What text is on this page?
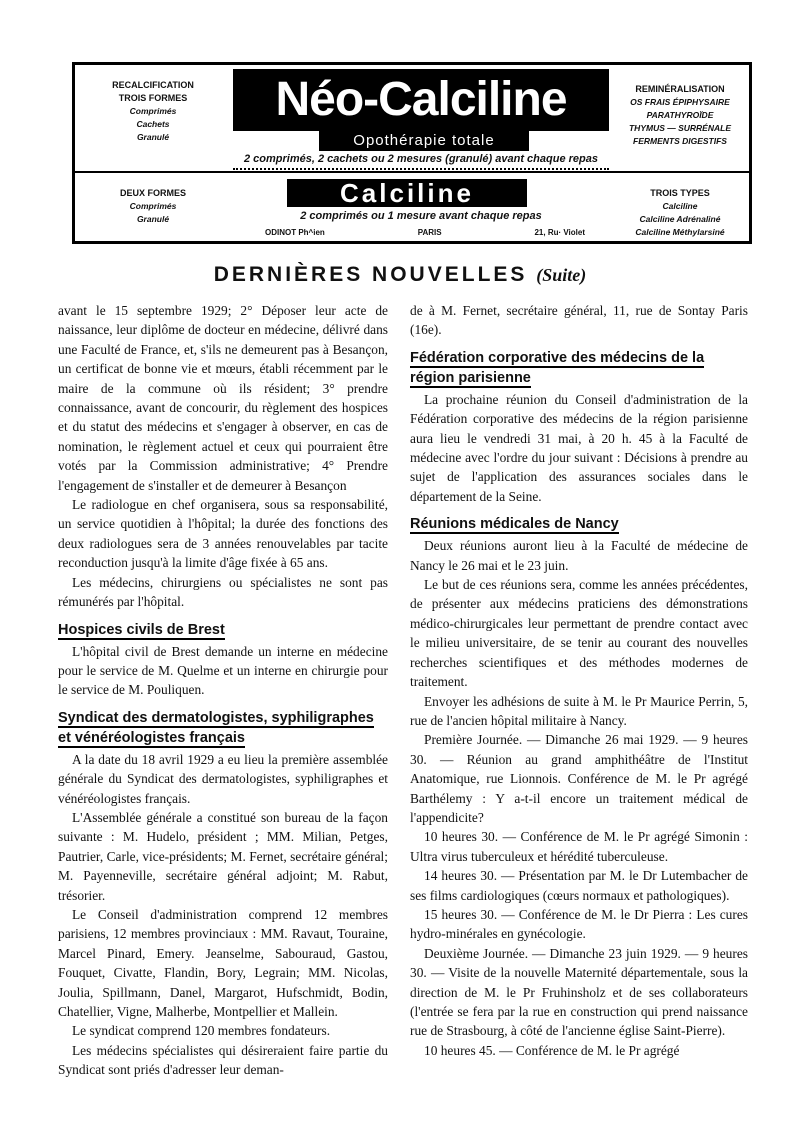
RECALCIFICATION
TROIS FORMES
Comprimés
Cachets
Granulé
DEUX FORMES
Comprimés
Granulé
REMINÉRALISATION
OS FRAIS ÉPIPHYSAIRE
PARATHYROÏDE
THYMUS — SURRÉNALE
FERMENTS DIGESTIFS
TROIS TYPES
Calciline
Calciline Adrénaliné
Calciline Méthylarsiné
Néo-Calciline
Opothérapie totale
2 comprimés, 2 cachets ou 2 mesures (granulé) avant chaque repas
Calciline
2 comprimés ou 1 mesure avant chaque repas
ODINOT Ph^ien	PARIS	21, Ru· Violet
DERNIÈRES NOUVELLES (Suite)

avant le 15 septembre 1929; 2° Déposer leur acte de naissance, leur diplôme de docteur en médecine, délivré dans une Faculté de France, et, s'ils ne demeurent pas à Besançon, un certificat de bonne vie et mœurs, établi récemment par le maire de la commune où ils résident; 3° prendre connaissance, avant de concourir, du règlement des hospices et du statut des médecins et s'engager à observer, en cas de nomination, le règlement actuel et ceux qui pourraient être votés par la Commission administrative; 4° Prendre l'engagement de s'installer et de demeurer à Besançon

Le radiologue en chef organisera, sous sa responsabilité, un service quotidien à l'hôpital; la durée des fonctions des deux radiologues sera de 3 années renouvelables par tacite reconduction jusqu'à la limite d'âge fixée à 65 ans.

Les médecins, chirurgiens ou spécialistes ne sont pas rémunérés par l'hôpital.

Hospices civils de Brest

L'hôpital civil de Brest demande un interne en médecine pour le service de M. Quelme et un interne en chirurgie pour le service de M. Pouliquen.

Syndicat des dermatologistes, syphiligraphes et vénéréologistes français

A la date du 18 avril 1929 a eu lieu la première assemblée générale du Syndicat des dermatologistes, syphiligraphes et vénéréologistes français.

L'Assemblée générale a constitué son bureau de la façon suivante : M. Hudelo, président ; MM. Milian, Petges, Pautrier, Carle, vice-présidents; M. Fernet, secrétaire général; M. Payenneville, secrétaire général adjoint; M. Rabut, trésorier.

Le Conseil d'administration comprend 12 membres parisiens, 12 membres provinciaux : MM. Ravaut, Touraine, Marcel Pinard, Emery. Jeanselme, Sabouraud, Gastou, Fouquet, Civatte, Flandin, Bory, Legrain; MM. Nicolas, Joulia, Spillmann, Danel, Margarot, Hufschmidt, Bodin, Chatellier, Vigne, Malherbe, Montpellier et Mallein.

Le syndicat comprend 120 membres fondateurs.

Les médecins spécialistes qui désireraient faire partie du Syndicat sont priés d'adresser leur deman-

de à M. Fernet, secrétaire général, 11, rue de Sontay Paris (16e).

Fédération corporative des médecins de la région parisienne

La prochaine réunion du Conseil d'administration de la Fédération corporative des médecins de la région parisienne aura lieu le vendredi 31 mai, à 20 h. 45 à la Faculté de médecine avec l'ordre du jour suivant : Décisions à prendre au sujet de l'application des assurances sociales dans le département de la Seine.

Réunions médicales de Nancy

Deux réunions auront lieu à la Faculté de médecine de Nancy le 26 mai et le 23 juin.

Le but de ces réunions sera, comme les années précédentes, de présenter aux médecins praticiens des démonstrations médico-chirurgicales leur permettant de prendre contact avec le milieu universitaire, de se tenir au courant des nouvelles recherches scientifiques et des méthodes modernes de traitement.

Envoyer les adhésions de suite à M. le Pr Maurice Perrin, 5, rue de l'ancien hôpital militaire à Nancy.

Première Journée. — Dimanche 26 mai 1929. — 9 heures 30. — Réunion au grand amphithéâtre de l'Institut Anatomique, rue Lionnois. Conférence de M. le Pr agrégé Barthélemy : Y a-t-il encore un traitement médical de l'appendicite?

10 heures 30. — Conférence de M. le Pr agrégé Simonin : Ultra virus tuberculeux et hérédité tuberculeuse.

14 heures 30. — Présentation par M. le Dr Lutembacher de ses films cardiologiques (cœurs normaux et pathologiques).

15 heures 30. — Conférence de M. le Dr Pierra : Les cures hydro-minérales en gynécologie.

Deuxième Journée. — Dimanche 23 juin 1929. — 9 heures 30. — Visite de la nouvelle Maternité départementale, sous la direction de M. le Pr Fruhinsholz et de ses collaborateurs (l'entrée se fera par la rue en construction qui prend naissance rue de Strasbourg, à côté de l'ancienne église Saint-Pierre).

10 heures 45. — Conférence de M. le Pr agrégé
